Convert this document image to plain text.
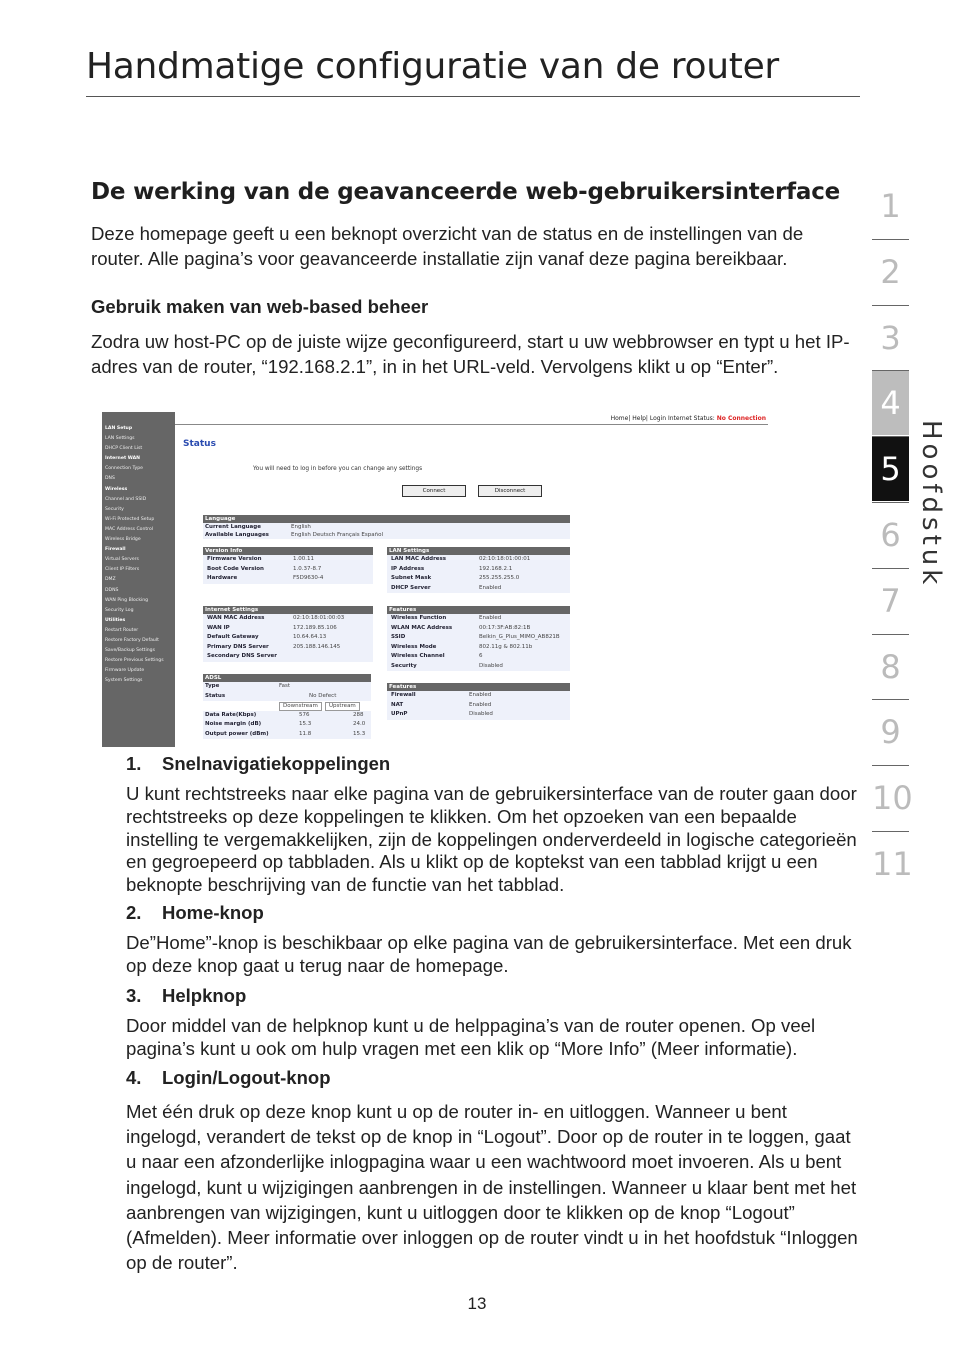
Handmatige configuratie van de router
De werking van de geavanceerde web-gebruikersinterface
Deze homepage geeft u een beknopt overzicht van de status en de instellingen van de router. Alle pagina’s voor geavanceerde installatie zijn vanaf deze pagina bereikbaar.
Gebruik maken van web-based beheer
Zodra uw host-PC op de juiste wijze geconfigureerd, start u uw webbrowser en typt u het IP-adres van de router, “192.168.2.1”, in in het URL-veld. Vervolgens klikt u op “Enter”.
1
2
3
4
5
6
7
8
9
10
11
Hoofdstuk
LAN Setup
LAN Settings
DHCP Client List
Internet WAN
Connection Type
DNS
Wireless
Channel and SSID
Security
Wi-Fi Protected Setup
MAC Address Control
Wireless Bridge
Firewall
Virtual Servers
Client IP Filters
DMZ
DDNS
WAN Ping Blocking
Security Log
Utilities
Restart Router
Restore Factory Default
Save/Backup Settings
Restore Previous Settings
Firmware Update
System Settings
Home| Help| Login Internet Status: No Connection
Status
You will need to log in before you can change any settings
Connect	Disconnect
Language
Current Language	English
Available Languages	English Deutsch Français Español
Version Info
Firmware Version	1.00.11
Boot Code Version	1.0.37-8.7
Hardware	F5D9630-4
LAN Settings
LAN MAC Address	02:10:18:01:00:01
IP Address	192.168.2.1
Subnet Mask	255.255.255.0
DHCP Server	Enabled
Internet Settings
WAN MAC Address	02:10:18:01:00:03
WAN IP	172.189.85.106
Default Gateway	10.64.64.13
Primary DNS Server	205.188.146.145
Secondary DNS Server
Features
Wireless Function	Enabled
WLAN MAC Address	00:17:3F:AB:82:1B
SSID	Belkin_G_Plus_MIMO_AB821B
Wireless Mode	802.11g & 802.11b
Wireless Channel	6
Security	Disabled
ADSL
Type	Fast
Status	No Defect
Downstream	Upstream
Data Rate(Kbps)	576	288
Noise margin (dB)	15.3	24.0
Output power (dBm)	11.8	15.3
Features
Firewall	Enabled
NAT	Enabled
UPnP	Disabled
1. Snelnavigatiekoppelingen
U kunt rechtstreeks naar elke pagina van de gebruikersinterface van de router gaan door rechtstreeks op deze koppelingen te klikken. Om het opzoeken van een bepaalde instelling te vergemakkelijken, zijn de koppelingen onderverdeeld in logische categorieën en gegroepeerd op tabbladen. Als u klikt op de koptekst van een tabblad krijgt u een beknopte beschrijving van de functie van het tabblad.
2. Home-knop
De”Home”-knop is beschikbaar op elke pagina van de gebruikersinterface. Met een druk op deze knop gaat u terug naar de homepage.
3. Helpknop
Door middel van de helpknop kunt u de helppagina’s van de router openen. Op veel pagina’s kunt u ook om hulp vragen met een klik op “More Info” (Meer informatie).
4. Login/Logout-knop
Met één druk op deze knop kunt u op de router in- en uitloggen. Wanneer u bent ingelogd, verandert de tekst op de knop in “Logout”. Door op de router in te loggen, gaat u naar een afzonderlijke inlogpagina waar u een wachtwoord moet invoeren. Als u bent ingelogd, kunt u wijzigingen aanbrengen in de instellingen. Wanneer u klaar bent met het aanbrengen van wijzigingen, kunt u uitloggen door te klikken op de knop “Logout” (Afmelden). Meer informatie over inloggen op de router vindt u in het hoofdstuk “Inloggen op de router”.
13
